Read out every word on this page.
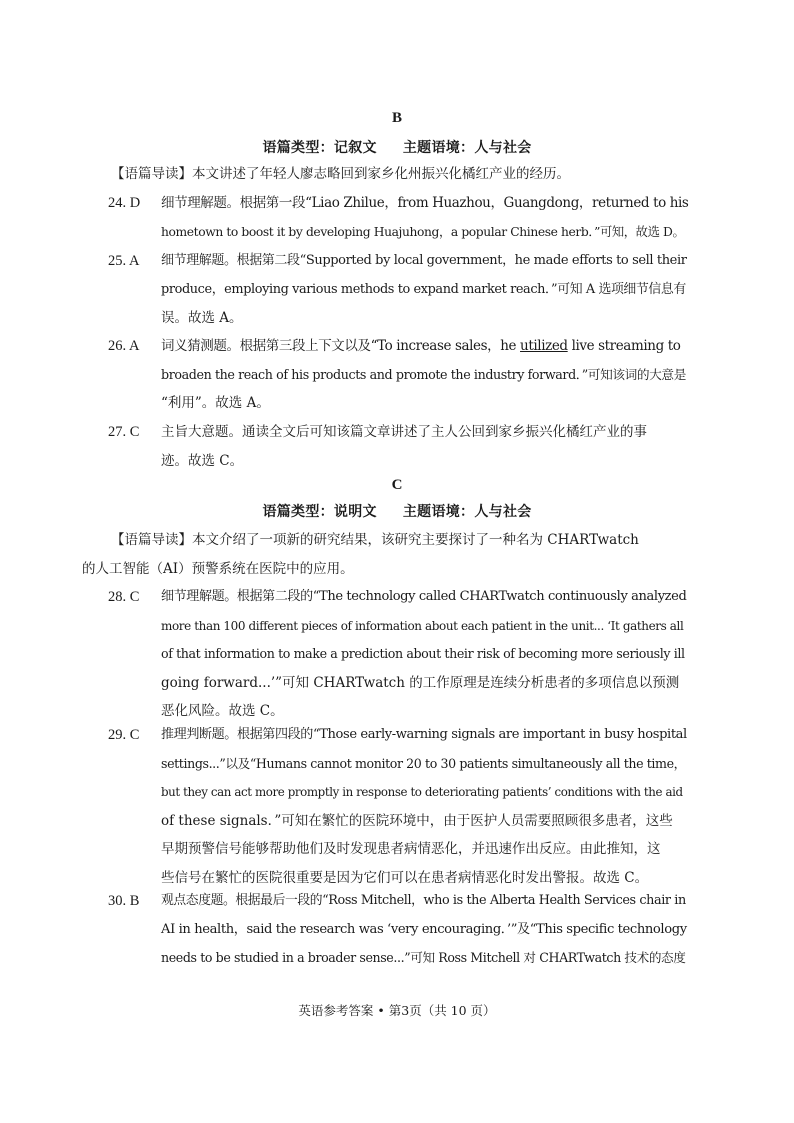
B
语篇类型：记叙文 主题语境：人与社会
【语篇导读】本文讲述了年轻人廖志略回到家乡化州振兴化橘红产业的经历。
24. D	细节理解题。根据第一段“Liao Zhilue，from Huazhou，Guangdong，returned to his
hometown to boost it by developing Huajuhong，a popular Chinese herb．”可知，故选 D。
25. A	细节理解题。根据第二段“Supported by local government，he made efforts to sell their
produce，employing various methods to expand market reach．”可知 A 选项细节信息有
误。故选 A。
26. A	词义猜测题。根据第三段上下文以及“To increase sales，he utilized live streaming to
broaden the reach of his products and promote the industry forward．”可知该词的大意是
“利用”。故选 A。
27. C	主旨大意题。通读全文后可知该篇文章讲述了主人公回到家乡振兴化橘红产业的事
迹。故选 C。
C
语篇类型：说明文 主题语境：人与社会
【语篇导读】本文介绍了一项新的研究结果，该研究主要探讨了一种名为 CHARTwatch
的人工智能（AI）预警系统在医院中的应用。
28. C	细节理解题。根据第二段的“The technology called CHARTwatch continuously analyzed
more than 100 different pieces of information about each patient in the unit... ‘It gathers all
of that information to make a prediction about their risk of becoming more seriously ill
going forward...’”可知 CHARTwatch 的工作原理是连续分析患者的多项信息以预测
恶化风险。故选 C。
29. C	推理判断题。根据第四段的“Those early-warning signals are important in busy hospital
settings...”以及“Humans cannot monitor 20 to 30 patients simultaneously all the time，
but they can act more promptly in response to deteriorating patients’ conditions with the aid
of these signals．”可知在繁忙的医院环境中，由于医护人员需要照顾很多患者，这些
早期预警信号能够帮助他们及时发现患者病情恶化，并迅速作出反应。由此推知，这
些信号在繁忙的医院很重要是因为它们可以在患者病情恶化时发出警报。故选 C。
30. B	观点态度题。根据最后一段的“Ross Mitchell，who is the Alberta Health Services chair in
AI in health，said the research was ‘very encouraging．’”及“This specific technology
needs to be studied in a broader sense...”可知 Ross Mitchell 对 CHARTwatch 技术的态度
英语参考答案 • 第3页（共 10 页）
